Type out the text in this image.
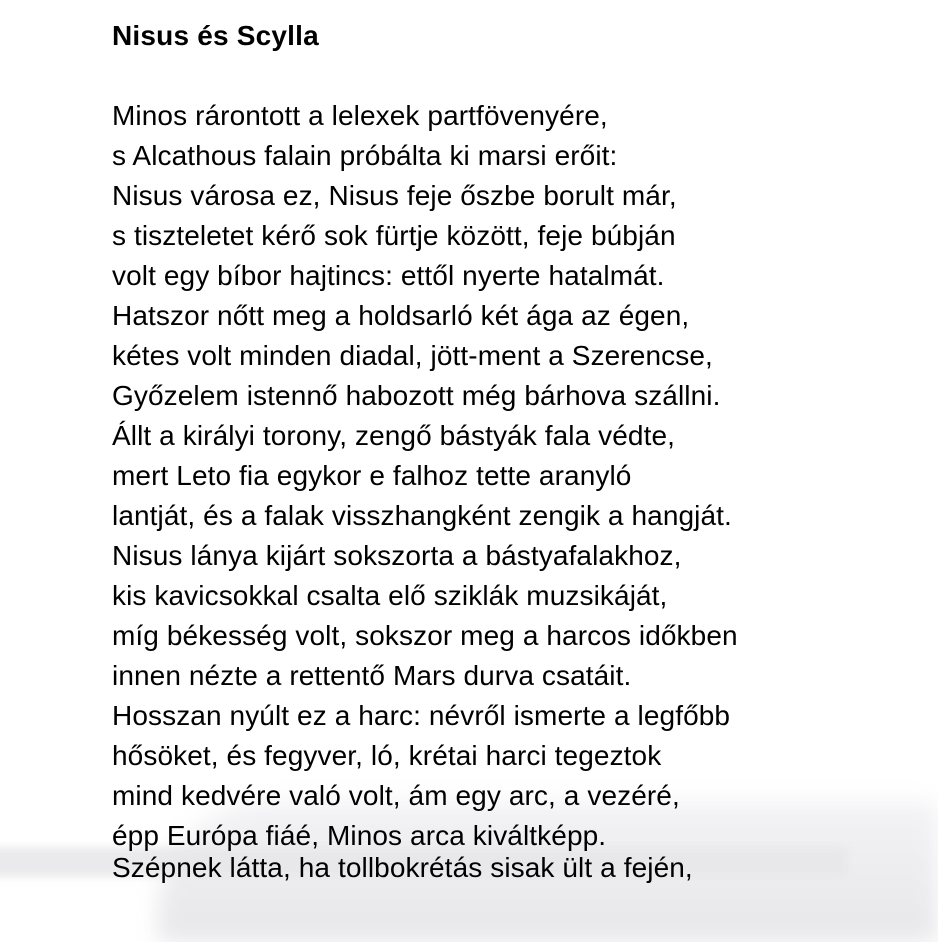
Nisus és Scylla
Minos rárontott a lelexek partfövenyére,
s Alcathous falain próbálta ki marsi erőit:
Nisus városa ez, Nisus feje őszbe borult már,
s tiszteletet kérő sok fürtje között, feje búbján
volt egy bíbor hajtincs: ettől nyerte hatalmát.
Hatszor nőtt meg a holdsarló két ága az égen,
kétes volt minden diadal, jött-ment a Szerencse,
Győzelem istennő habozott még bárhova szállni.
Állt a királyi torony, zengő bástyák fala védte,
mert Leto fia egykor e falhoz tette aranyló
lantját, és a falak visszhangként zengik a hangját.
Nisus lánya kijárt sokszorta a bástyafalakhoz,
kis kavicsokkal csalta elő sziklák muzsikáját,
míg békesség volt, sokszor meg a harcos időkben
innen nézte a rettentő Mars durva csatáit.
Hosszan nyúlt ez a harc: névről ismerte a legfőbb
hősöket, és fegyver, ló, krétai harci tegeztok
mind kedvére való volt, ám egy arc, a vezéré,
épp Európa fiáé, Minos arca kiváltképp.
Szépnek látta, ha tollbokrétás sisak ült a fején,
